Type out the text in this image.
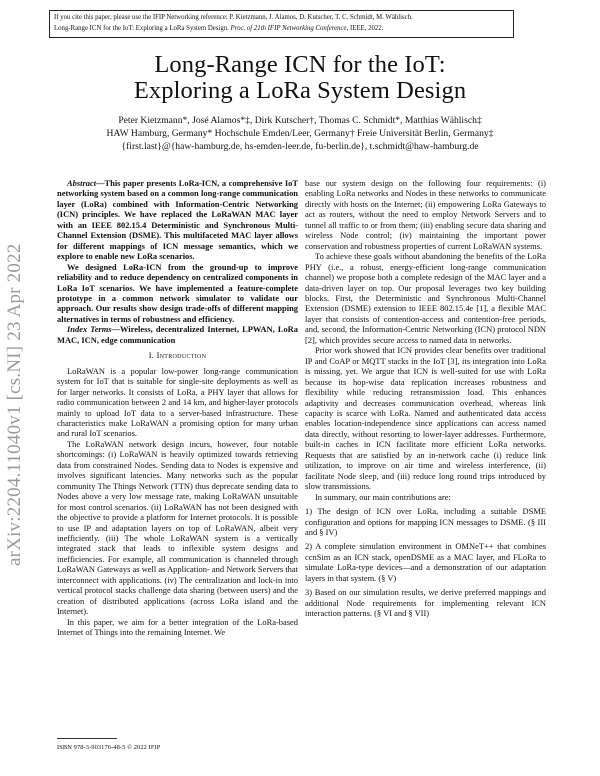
If you cite this paper, please use the IFIP Networking reference: P. Kietzmann, J. Alamos, D. Kutscher, T. C. Schmidt, M. Wählisch.
Long-Range ICN for the IoT: Exploring a LoRa System Design. Proc. of 21th IFIP Networking Conference, IEEE, 2022.
Long-Range ICN for the IoT:
Exploring a LoRa System Design
Peter Kietzmann*, José Alamos*‡, Dirk Kutscher†, Thomas C. Schmidt*, Matthias Wählisch‡
HAW Hamburg, Germany* Hochschule Emden/Leer, Germany† Freie Universität Berlin, Germany‡
{first.last}@{haw-hamburg.de, hs-emden-leer.de, fu-berlin.de}, t.schmidt@haw-hamburg.de
arXiv:2204.11040v1 [cs.NI] 23 Apr 2022

Abstract—This paper presents LoRa-ICN, a comprehensive IoT networking system based on a common long-range communication layer (LoRa) combined with Information-Centric Networking (ICN) principles. We have replaced the LoRaWAN MAC layer with an IEEE 802.15.4 Deterministic and Synchronous Multi-Channel Extension (DSME). This multifaceted MAC layer allows for different mappings of ICN message semantics, which we explore to enable new LoRa scenarios.

We designed LoRa-ICN from the ground-up to improve reliability and to reduce dependency on centralized components in LoRa IoT scenarios. We have implemented a feature-complete prototype in a common network simulator to validate our approach. Our results show design trade-offs of different mapping alternatives in terms of robustness and efficiency.

Index Terms—Wireless, decentralized Internet, LPWAN, LoRa MAC, ICN, edge communication

I. Introduction

LoRaWAN is a popular low-power long-range communication system for IoT that is suitable for single-site deployments as well as for larger networks. It consists of LoRa, a PHY layer that allows for radio communication between 2 and 14 km, and higher-layer protocols mainly to upload IoT data to a server-based infrastructure. These characteristics make LoRaWAN a promising option for many urban and rural IoT scenarios.

The LoRaWAN network design incurs, however, four notable shortcomings: (i) LoRaWAN is heavily optimized towards retrieving data from constrained Nodes. Sending data to Nodes is expensive and involves significant latencies. Many networks such as the popular community The Things Network (TTN) thus deprecate sending data to Nodes above a very low message rate, making LoRaWAN unsuitable for most control scenarios. (ii) LoRaWAN has not been designed with the objective to provide a platform for Internet protocols. It is possible to use IP and adaptation layers on top of LoRaWAN, albeit very inefficiently. (iii) The whole LoRaWAN system is a vertically integrated stack that leads to inflexible system designs and inefficiencies. For example, all communication is channeled through LoRaWAN Gateways as well as Application- and Network Servers that interconnect with applications. (iv) The centralization and lock-in into vertical protocol stacks challenge data sharing (between users) and the creation of distributed applications (across LoRa island and the Internet).

In this paper, we aim for a better integration of the LoRa-based Internet of Things into the remaining Internet. We

base our system design on the following four requirements: (i) enabling LoRa networks and Nodes in these networks to communicate directly with hosts on the Internet; (ii) empowering LoRa Gateways to act as routers, without the need to employ Network Servers and to tunnel all traffic to or from them; (iii) enabling secure data sharing and wireless Node control; (iv) maintaining the important power conservation and robustness properties of current LoRaWAN systems.

To achieve these goals without abandoning the benefits of the LoRa PHY (i.e., a robust, energy-efficient long-range communication channel) we propose both a complete redesign of the MAC layer and a data-driven layer on top. Our proposal leverages two key building blocks. First, the Deterministic and Synchronous Multi-Channel Extension (DSME) extension to IEEE 802.15.4e [1], a flexible MAC layer that consists of contention-access and contention-free periods, and, second, the Information-Centric Networking (ICN) protocol NDN [2], which provides secure access to named data in networks.

Prior work showed that ICN provides clear benefits over traditional IP and CoAP or MQTT stacks in the IoT [3], its integration into LoRa is missing, yet. We argue that ICN is well-suited for use with LoRa because its hop-wise data replication increases robustness and flexibility while reducing retransmission load. This enhances adaptivity and decreases communication overhead, whereas link capacity is scarce with LoRa. Named and authenticated data access enables location-independence since applications can access named data directly, without resorting to lower-layer addresses. Furthermore, built-in caches in ICN facilitate more efficient LoRa networks. Requests that are satisfied by an in-network cache (i) reduce link utilization, to improve on air time and wireless interference, (ii) facilitate Node sleep, and (iii) reduce long round trips introduced by slow transmissions.

In summary, our main contributions are:

1) The design of ICN over LoRa, including a suitable DSME configuration and options for mapping ICN messages to DSME. (§ III and § IV)

2) A complete simulation environment in OMNeT++ that combines ccnSim as an ICN stack, openDSME as a MAC layer, and FLoRa to simulate LoRa-type devices—and a demonstration of our adaptation layers in that system. (§ V)

3) Based on our simulation results, we derive preferred mappings and additional Node requirements for implementing relevant ICN interaction patterns. (§ VI and § VII)

ISBN 978-3-903176-48-5 © 2022 IFIP
